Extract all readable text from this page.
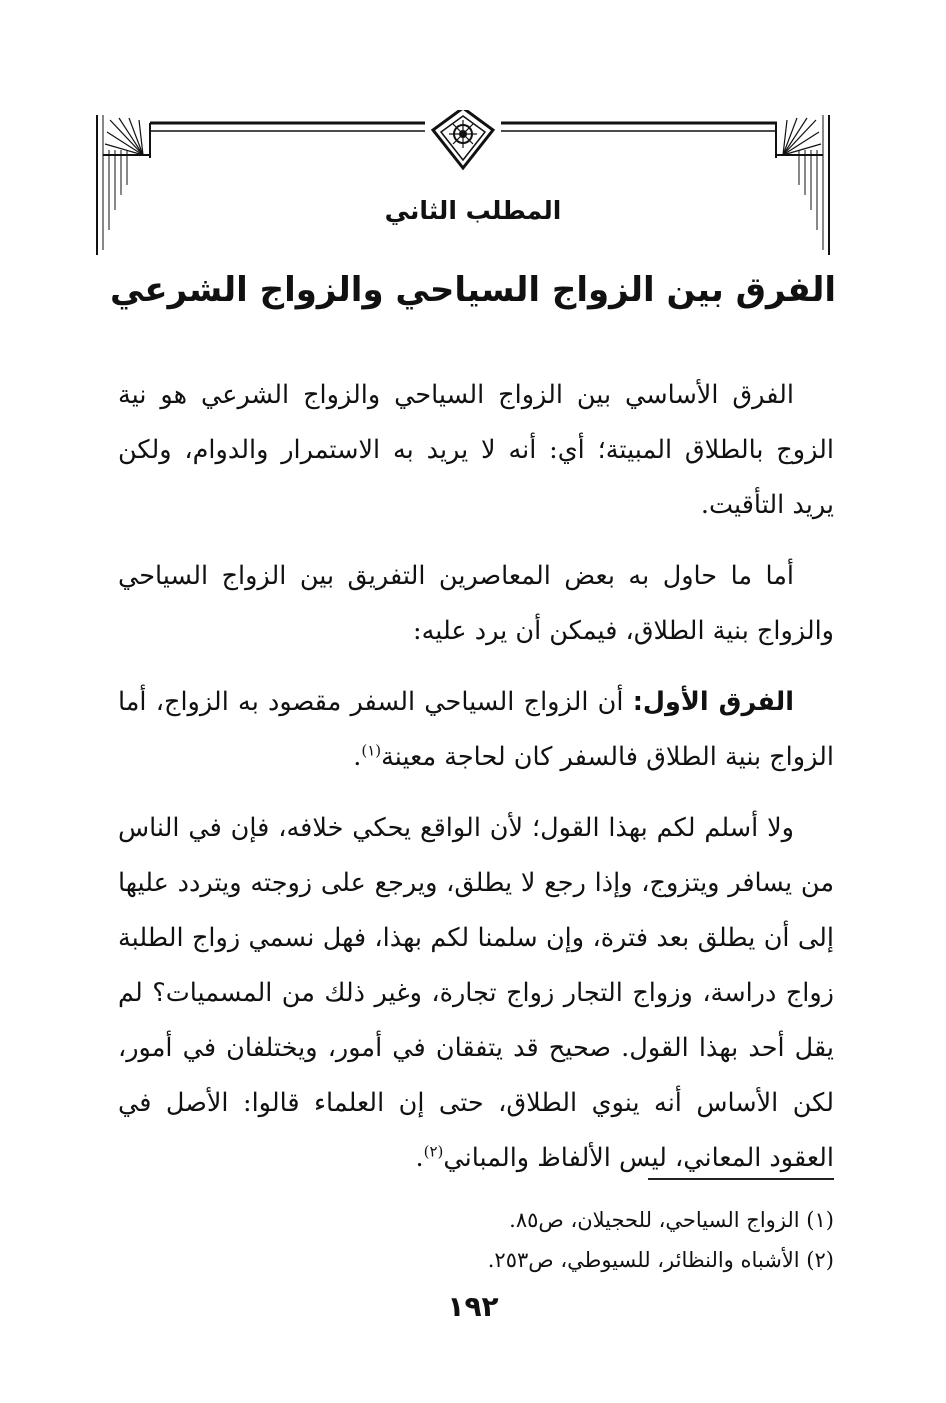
المطلب الثاني
الفرق بين الزواج السياحي والزواج الشرعي

الفرق الأساسي بين الزواج السياحي والزواج الشرعي هو نية الزوج بالطلاق المبيتة؛ أي: أنه لا يريد به الاستمرار والدوام، ولكن يريد التأقيت.

أما ما حاول به بعض المعاصرين التفريق بين الزواج السياحي والزواج بنية الطلاق، فيمكن أن يرد عليه:

الفرق الأول: أن الزواج السياحي السفر مقصود به الزواج، أما الزواج بنية الطلاق فالسفر كان لحاجة معينة$^{(١)}$.

ولا أسلم لكم بهذا القول؛ لأن الواقع يحكي خلافه، فإن في الناس من يسافر ويتزوج، وإذا رجع لا يطلق، ويرجع على زوجته ويتردد عليها إلى أن يطلق بعد فترة، وإن سلمنا لكم بهذا، فهل نسمي زواج الطلبة زواج دراسة، وزواج التجار زواج تجارة، وغير ذلك من المسميات؟ لم يقل أحد بهذا القول. صحيح قد يتفقان في أمور، ويختلفان في أمور، لكن الأساس أنه ينوي الطلاق، حتى إن العلماء قالوا: الأصل في العقود المعاني، ليس الألفاظ والمباني$^{(٢)}$.

(١) الزواج السياحي، للحجيلان، ص٨٥.
(٢) الأشباه والنظائر، للسيوطي، ص٢٥٣.
١٩٢
